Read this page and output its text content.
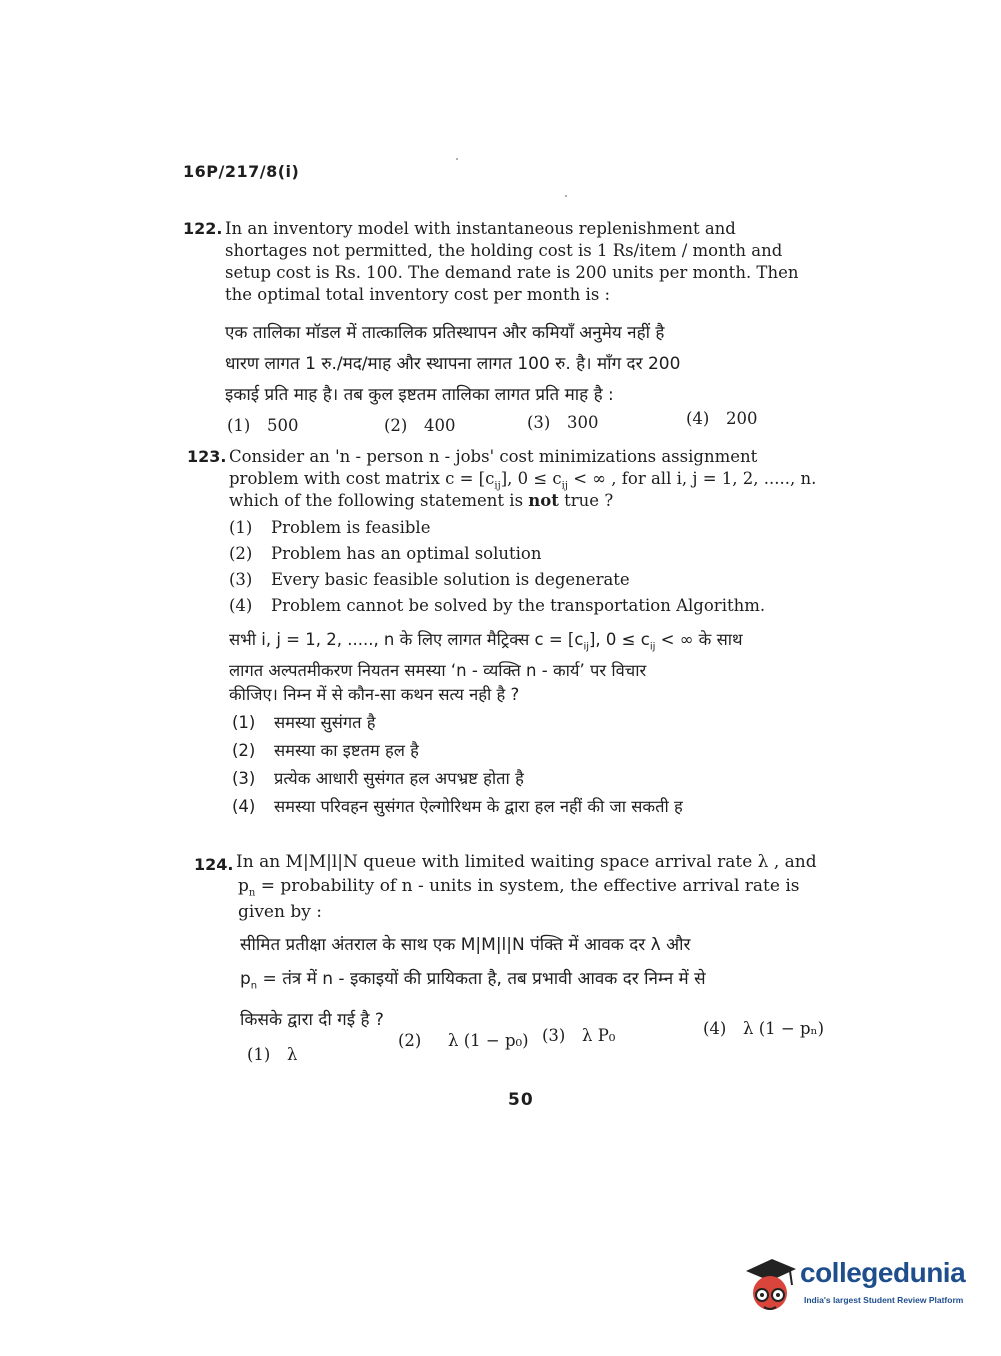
16P/217/8(i)
122. In an inventory model with instantaneous replenishment and
shortages not permitted, the holding cost is 1 Rs/item / month and
setup cost is Rs. 100. The demand rate is 200 units per month. Then
the optimal total inventory cost per month is :
एक तालिका मॉडल में तात्कालिक प्रतिस्थापन और कमियाँ अनुमेय नहीं है
धारण लागत 1 रु./मद/माह और स्थापना लागत 100 रु. है। माँग दर 200
इकाई प्रति माह है। तब कुल इष्टतम तालिका लागत प्रति माह है :
(1) 500	(2) 400	(3) 300	(4) 200
123. Consider an 'n - person n - jobs' cost minimizations assignment
problem with cost matrix $c = [c_{ij}]$, $0 \le c_{ij}$ < ∞ , for all i, j = 1, 2, ....., n.
which of the following statement is not true ?
(1) Problem is feasible
(2) Problem has an optimal solution
(3) Every basic feasible solution is degenerate
(4) Problem cannot be solved by the transportation Algorithm.
सभी i, j = 1, 2, ....., n के लिए लागत मैट्रिक्स $c = [c_{ij}]$, $0 \le c_{ij}$ < ∞ के साथ
लागत अल्पतमीकरण नियतन समस्या ‘n - व्यक्ति n - कार्य’ पर विचार
कीजिए। निम्न में से कौन-सा कथन सत्य नही है ?
(1) समस्या सुसंगत है
(2) समस्या का इष्टतम हल है
(3) प्रत्येक आधारी सुसंगत हल अपभ्रष्ट होता है
(4) समस्या परिवहन सुसंगत ऐल्गोरिथम के द्वारा हल नहीं की जा सकती ह
124. In an M|M|l|N queue with limited waiting space arrival rate λ , and
$p_n$ = probability of n - units in system, the effective arrival rate is
given by :
सीमित प्रतीक्षा अंतराल के साथ एक M|M|l|N पंक्ति में आवक दर λ और
$p_n$ = तंत्र में n - इकाइयों की प्रायिकता है, तब प्रभावी आवक दर निम्न में से
किसके द्वारा दी गई है ?
(1) λ
(2) λ (1 − p₀) (3) λ P₀	(4) λ (1 − pₙ)
50
collegedunia
India's largest Student Review Platform
